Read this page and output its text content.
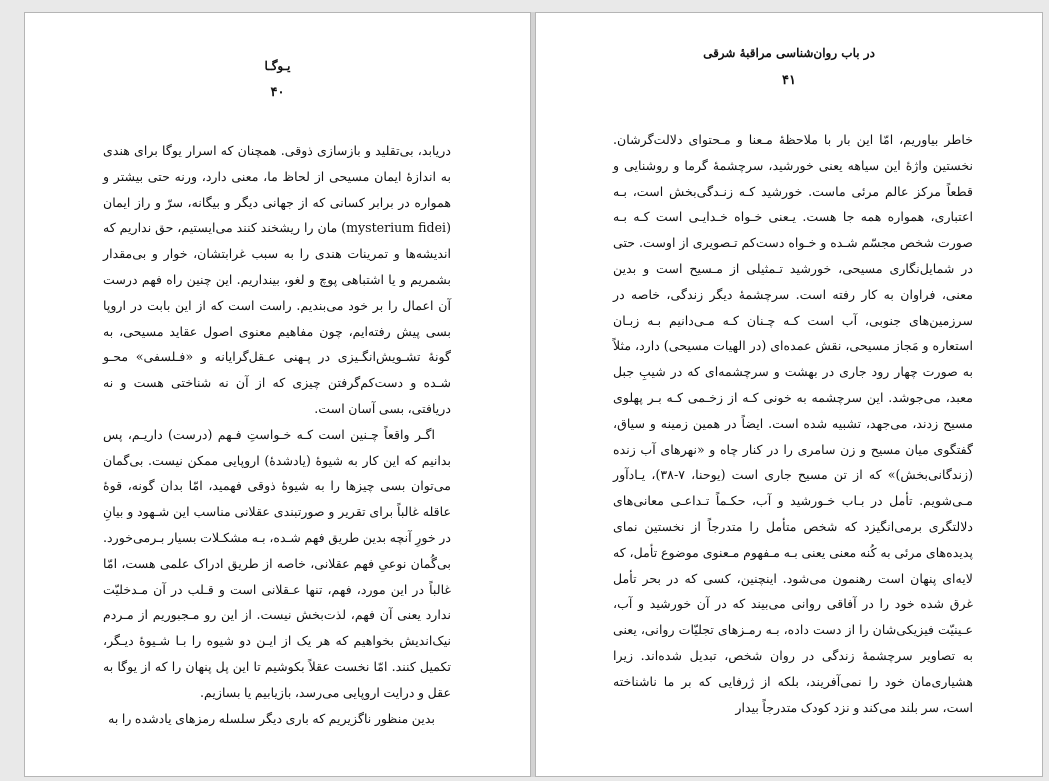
یـوگـا
۴۰

دریابد، بی‌تقلید و بازسازی ذوقی. همچنان که اسرار یوگا برای هندی به اندازهٔ ایمان مسیحی از لحاظ ما، معنی دارد، ورنه حتی بیشتر و همواره در برابر کسانی که از جهانی دیگر و بیگانه، سرّ و راز ایمان (mysterium fidei) مان را ریشخند کنند می‌ایستیم، حق نداریم که اندیشه‌ها و تمرینات هندی را به سبب غرابتشان، خوار و بی‌مقدار بشمریم و یا اشتباهی پوچ و لغو، بینداریم. این چنین راه فهم درست آن اعمال را بر خود می‌بندیم. راست است که از این بابت در اروپا بسی پیش رفته‌ایم، چون مفاهیم معنوی اصول عقاید مسیحی، به گونهٔ تشـویش‌انگـیزی در پـهنی عـقل‌گرایانه و «فـلسفی» محـو شـده و دست‌کم‌گرفتن چیزی که از آن نه شناختی هست و نه دریافتی، بسی آسان است.

اگـر واقعاً چـنین است کـه خـواستِ فـهم (درست) داریـم، پس بدانیم که این کار به شیوهٔ (یادشدهٔ) اروپایی ممکن نیست. بی‌گمان می‌توان بسی چیزها را به شیوهٔ ذوقی فهمید، امّا بدان گونه، قوهٔ عاقله غالباً برای تقریر و صورتبندی عقلانی مناسب این شـهود و بیانِ در خورِ آنچه بدین طریق فهم شـده، بـه مشکـلات بسیار بـرمی‌خورد. بی‌گُمان نوعیِ فهم عقلانی، خاصه از طریق ادراک علمی هست، امّا غالباً در این مورد، فهم، تنها عـقلانی است و قـلب در آن مـدخلیّت ندارد یعنی آن فهم، لذت‌بخش نیست. از این رو مـجبوریم از مـردم نیک‌اندیش بخواهیم که هر یک از ایـن دو شیوه را بـا شـیوهٔ دیـگر، تکمیل کنند. امّا نخست عقلاً بکوشیم تا این پل پنهان را که از یوگا به عقل و درایت اروپایی می‌رسد، بازیابیم یا بسازیم.

بدین منظور ناگزیریم که باری دیگر سلسله رمزهای یادشده را به

در باب روان‌شناسی مراقبهٔ شرقی
۴۱

خاطر بیاوریم، امّا این بار با ملاحظهٔ مـعنا و مـحتوای دلالت‌گرشان. نخستین واژهٔ این سیاهه یعنی خورشید، سرچشمهٔ گرما و روشنایی و قطعاً مرکز عالم مرئی ماست. خورشید کـه زنـدگی‌بخش است، بـه اعتباری، همواره همه جا هست. یـعنی خـواه خـدایـی است کـه بـه صورت شخص مجسّم شـده و خـواه دست‌کم تـصویری از اوست. حتی در شمایل‌نگاری مسیحی، خورشید تـمثیلی از مـسیح است و بدین معنی، فراوان به کار رفته است. سرچشمهٔ دیگر زندگی، خاصه در سرزمین‌های جنوبی، آب است کـه چـنان کـه مـی‌دانیم بـه زبـان استعاره و مَجاز مسیحی، نقش عمده‌ای (در الهیات مسیحی) دارد، مثلاً به صورت چهار رود جاری در بهشت و سرچشمه‌ای که در شیبِ جبل معبد، می‌جوشد. این سرچشمه به خونی کـه از زخـمی کـه بـر پهلوی مسیح زدند، می‌جهد، تشبیه شده است. ایضاً در همین زمینه و سیاق، گفتگوی میان مسیح و زن سامری را در کنار چاه و «نهرهای آب زنده (زندگانی‌بخش)» که از تن مسیح جاری است (یوحنا، ۷-۳۸)، یـادآور مـی‌شویم. تأمل در بـاب خـورشید و آب، حکـماً تـداعـی معانی‌های دلالتگری برمی‌انگیزد که شخص متأمل را متدرجاً از نخستین نمای پدیده‌های مرئی به کُنه معنی یعنی بـه مـفهوم مـعنوی موضوع تأمل، که لایه‌ای پنهان است رهنمون می‌شود. اینچنین، کسی که در بحر تأمل غرق شده خود را در آفاقی روانی می‌بیند که در آن خورشید و آب، عـینیّت فیزیکی‌شان را از دست داده، بـه رمـزهای تجلیّات روانی، یعنی به تصاویر سرچشمهٔ زندگی در روان شخص، تبدیل شده‌اند. زیرا هشیاری‌مان خود را نمی‌آفریند، بلکه از ژرفایی که بر ما ناشناخته است، سر بلند می‌کند و نزد کودک متدرجاً بیدار
